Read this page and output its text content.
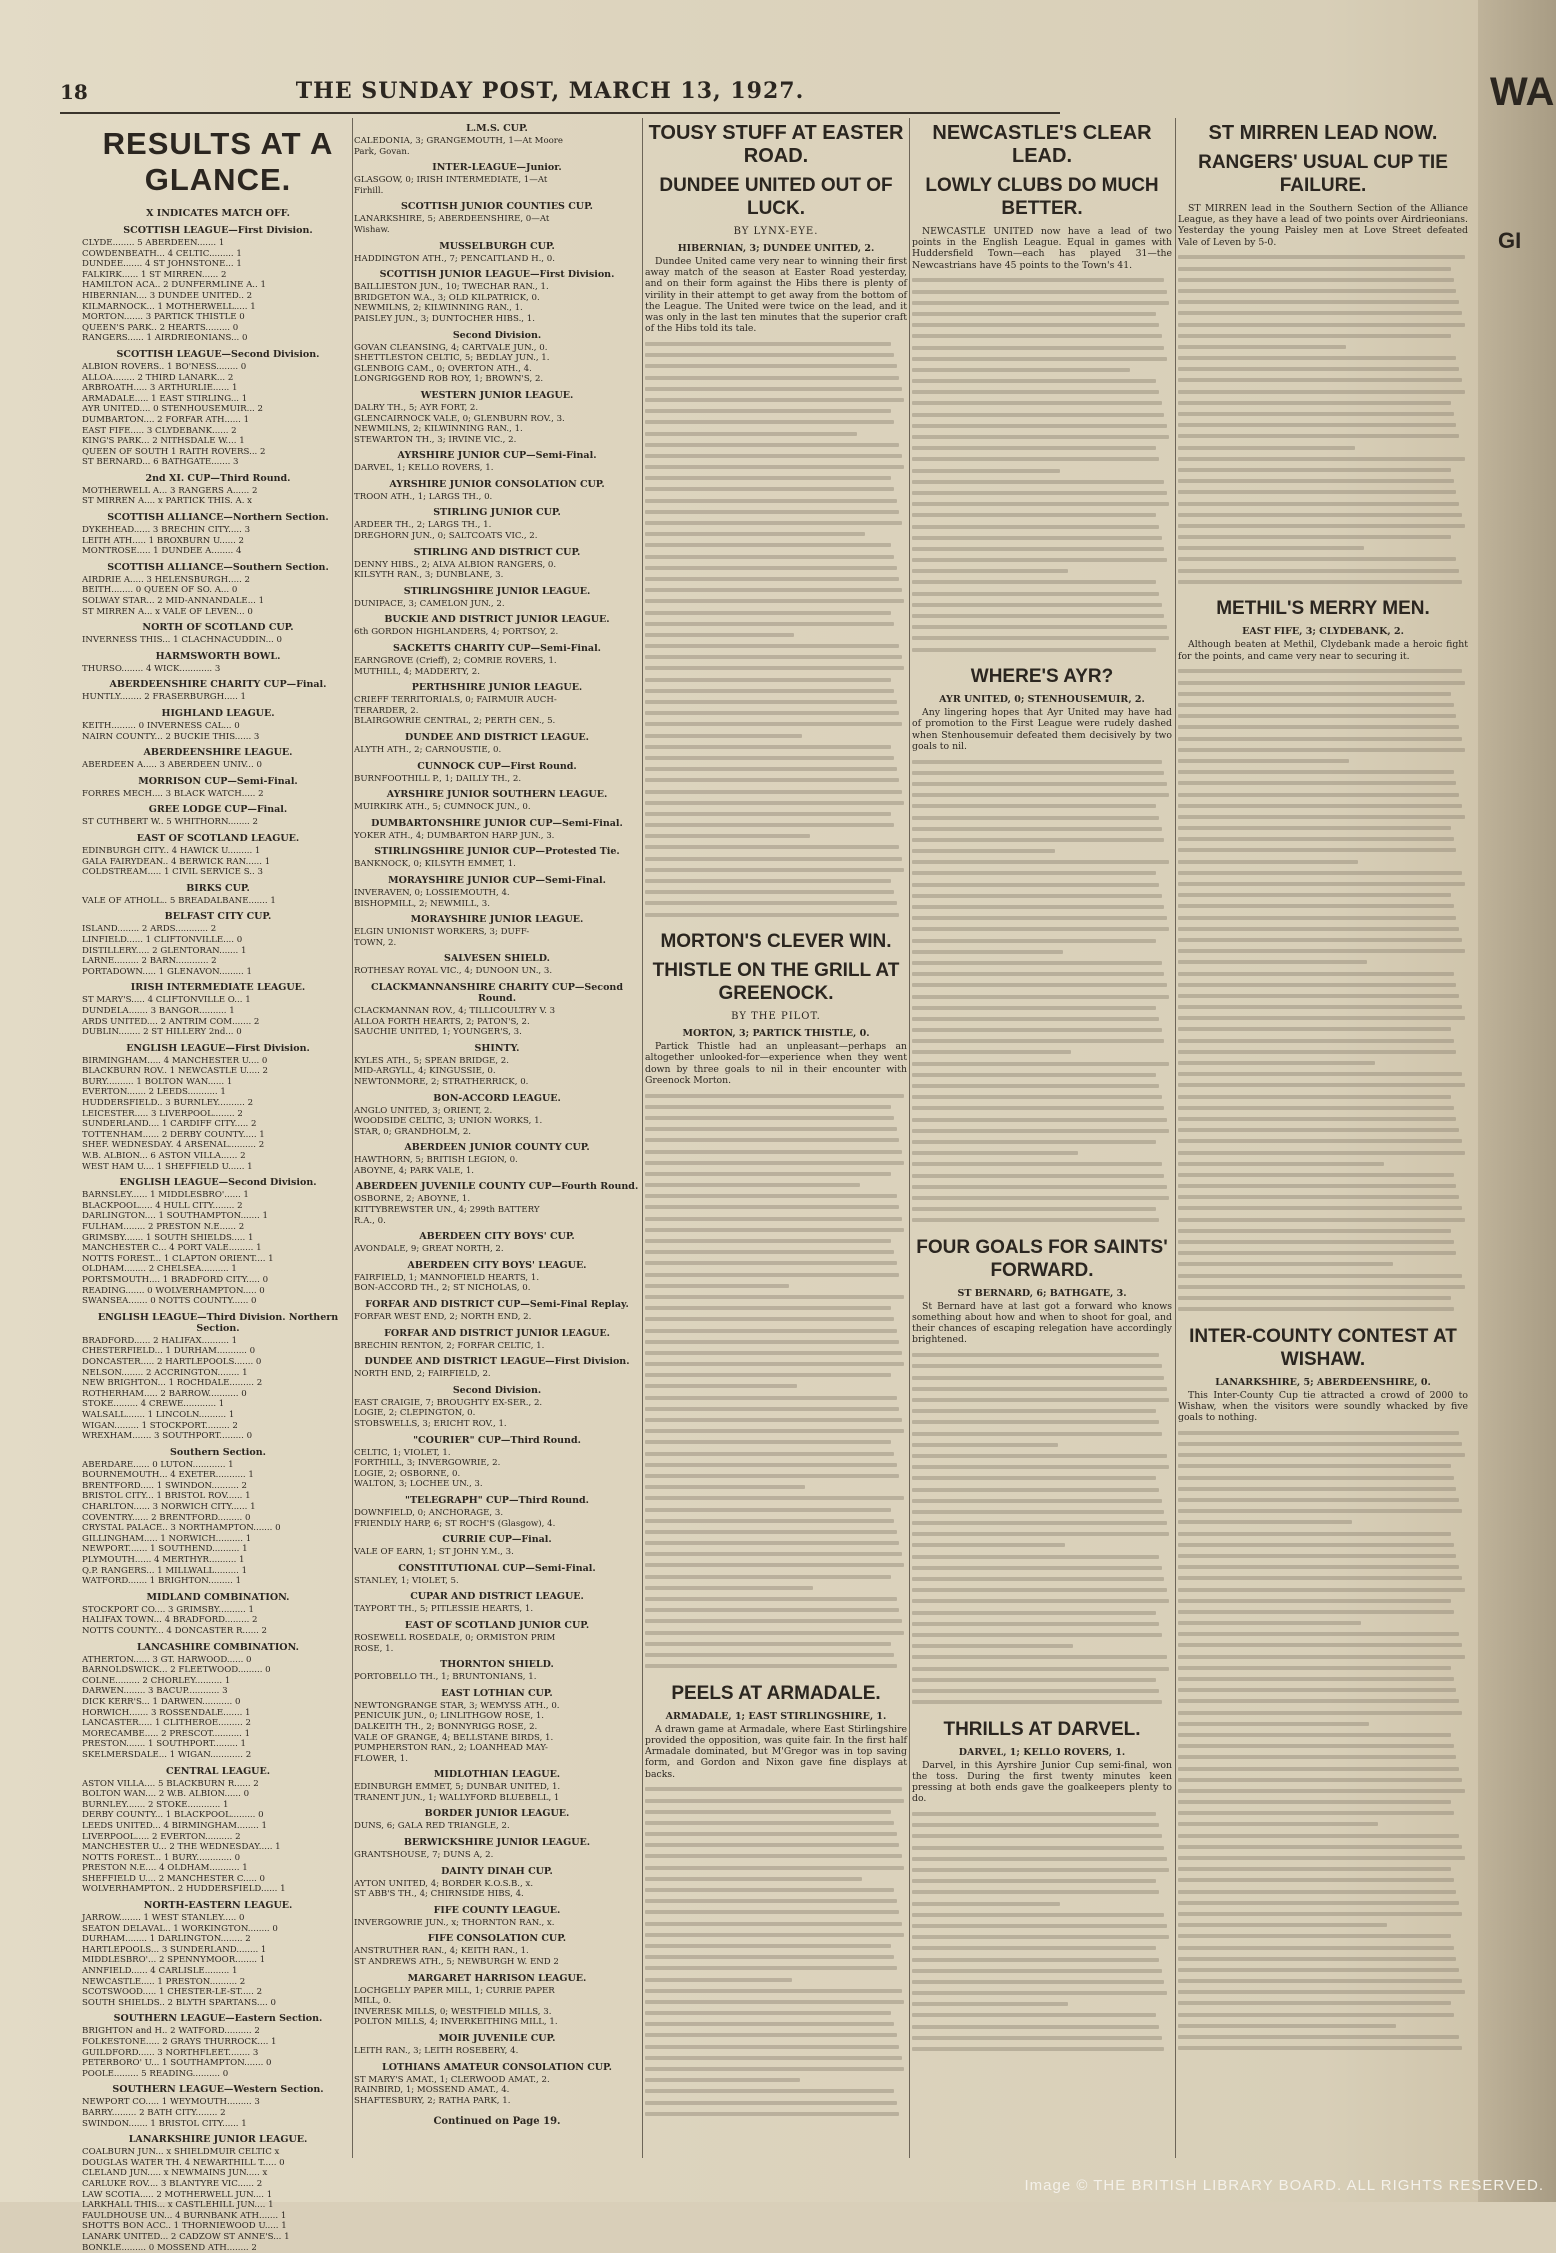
18	THE SUNDAY POST, MARCH 13, 1927.
RESULTS AT A GLANCE.
X INDICATES MATCH OFF.
SCOTTISH LEAGUE—First Division.
CLYDE........ 5 ABERDEEN....... 1
COWDENBEATH... 4 CELTIC......... 1
DUNDEE....... 4 ST JOHNSTONE... 1
FALKIRK...... 1 ST MIRREN...... 2
HAMILTON ACA.. 2 DUNFERMLINE A.. 1
HIBERNIAN.... 3 DUNDEE UNITED.. 2
KILMARNOCK... 1 MOTHERWELL..... 1
MORTON....... 3 PARTICK THISTLE 0
QUEEN'S PARK.. 2 HEARTS......... 0
RANGERS...... 1 AIRDRIEONIANS... 0
SCOTTISH LEAGUE—Second Division.
ALBION ROVERS.. 1 BO'NESS........ 0
ALLOA........ 2 THIRD LANARK... 2
ARBROATH..... 3 ARTHURLIE...... 1
ARMADALE..... 1 EAST STIRLING... 1
AYR UNITED.... 0 STENHOUSEMUIR... 2
DUMBARTON.... 2 FORFAR ATH...... 1
EAST FIFE..... 3 CLYDEBANK...... 2
KING'S PARK... 2 NITHSDALE W.... 1
QUEEN OF SOUTH 1 RAITH ROVERS... 2
ST BERNARD... 6 BATHGATE....... 3
2nd XI. CUP—Third Round.
MOTHERWELL A... 3 RANGERS A...... 2
ST MIRREN A.... x PARTICK THIS. A. x
SCOTTISH ALLIANCE—Northern Section.
DYKEHEAD...... 3 BRECHIN CITY..... 3
LEITH ATH..... 1 BROXBURN U...... 2
MONTROSE..... 1 DUNDEE A........ 4
SCOTTISH ALLIANCE—Southern Section.
AIRDRIE A..... 3 HELENSBURGH..... 2
BEITH........ 0 QUEEN OF SO. A... 0
SOLWAY STAR... 2 MID-ANNANDALE... 1
ST MIRREN A... x VALE OF LEVEN... 0
NORTH OF SCOTLAND CUP.
INVERNESS THIS... 1 CLACHNACUDDIN... 0
HARMSWORTH BOWL.
THURSO........ 4 WICK............ 3
ABERDEENSHIRE CHARITY CUP—Final.
HUNTLY........ 2 FRASERBURGH..... 1
HIGHLAND LEAGUE.
KEITH......... 0 INVERNESS CAL... 0
NAIRN COUNTY... 2 BUCKIE THIS...... 3
ABERDEENSHIRE LEAGUE.
ABERDEEN A..... 3 ABERDEEN UNIV... 0
MORRISON CUP—Semi-Final.
FORRES MECH.... 3 BLACK WATCH..... 2
GREE LODGE CUP—Final.
ST CUTHBERT W.. 5 WHITHORN........ 2
EAST OF SCOTLAND LEAGUE.
EDINBURGH CITY.. 4 HAWICK U......... 1
GALA FAIRYDEAN.. 4 BERWICK RAN...... 1
COLDSTREAM..... 1 CIVIL SERVICE S.. 3
BIRKS CUP.
VALE OF ATHOLL.. 5 BREADALBANE....... 1
BELFAST CITY CUP.
ISLAND........ 2 ARDS............ 2
LINFIELD...... 1 CLIFTONVILLE.... 0
DISTILLERY..... 2 GLENTORAN....... 1
LARNE......... 2 BARN............ 2
PORTADOWN..... 1 GLENAVON......... 1
IRISH INTERMEDIATE LEAGUE.
ST MARY'S..... 4 CLIFTONVILLE O... 1
DUNDELA....... 3 BANGOR.......... 1
ARDS UNITED.... 2 ANTRIM COM....... 2
DUBLIN........ 2 ST HILLERY 2nd... 0
ENGLISH LEAGUE—First Division.
BIRMINGHAM..... 4 MANCHESTER U.... 0
BLACKBURN ROV.. 1 NEWCASTLE U..... 2
BURY.......... 1 BOLTON WAN...... 1
EVERTON....... 2 LEEDS........... 1
HUDDERSFIELD.. 3 BURNLEY.......... 2
LEICESTER..... 3 LIVERPOOL........ 2
SUNDERLAND.... 1 CARDIFF CITY..... 2
TOTTENHAM...... 2 DERBY COUNTY..... 1
SHEF. WEDNESDAY. 4 ARSENAL.......... 2
W.B. ALBION... 6 ASTON VILLA...... 2
WEST HAM U.... 1 SHEFFIELD U...... 1
ENGLISH LEAGUE—Second Division.
BARNSLEY...... 1 MIDDLESBRO'...... 1
BLACKPOOL..... 4 HULL CITY........ 2
DARLINGTON.... 1 SOUTHAMPTON....... 1
FULHAM........ 2 PRESTON N.E...... 2
GRIMSBY....... 1 SOUTH SHIELDS..... 1
MANCHESTER C... 4 PORT VALE......... 1
NOTTS FOREST... 1 CLAPTON ORIENT.... 1
OLDHAM........ 2 CHELSEA.......... 1
PORTSMOUTH.... 1 BRADFORD CITY..... 0
READING....... 0 WOLVERHAMPTON..... 0
SWANSEA....... 0 NOTTS COUNTY...... 0
ENGLISH LEAGUE—Third Division. Northern Section.
BRADFORD...... 2 HALIFAX.......... 1
CHESTERFIELD... 1 DURHAM........... 0
DONCASTER..... 2 HARTLEPOOLS....... 0
NELSON........ 2 ACCRINGTON........ 1
NEW BRIGHTON... 1 ROCHDALE......... 2
ROTHERHAM..... 2 BARROW........... 0
STOKE......... 4 CREWE............ 1
WALSALL....... 1 LINCOLN.......... 1
WIGAN......... 1 STOCKPORT......... 2
WREXHAM....... 3 SOUTHPORT......... 0
Southern Section.
ABERDARE...... 0 LUTON............ 1
BOURNEMOUTH... 4 EXETER........... 1
BRENTFORD..... 1 SWINDON.......... 2
BRISTOL CITY... 1 BRISTOL ROV...... 1
CHARLTON...... 3 NORWICH CITY...... 1
COVENTRY...... 2 BRENTFORD......... 0
CRYSTAL PALACE.. 3 NORTHAMPTON....... 0
GILLINGHAM..... 1 NORWICH.......... 1
NEWPORT....... 1 SOUTHEND.......... 1
PLYMOUTH...... 4 MERTHYR.......... 1
Q.P. RANGERS... 1 MILLWALL......... 1
WATFORD....... 1 BRIGHTON......... 1
MIDLAND COMBINATION.
STOCKPORT CO.... 3 GRIMSBY.......... 1
HALIFAX TOWN... 4 BRADFORD......... 2
NOTTS COUNTY... 4 DONCASTER R...... 2
LANCASHIRE COMBINATION.
ATHERTON...... 3 GT. HARWOOD...... 0
BARNOLDSWICK... 2 FLEETWOOD......... 0
COLNE......... 2 CHORLEY.......... 1
DARWEN........ 3 BACUP............ 3
DICK KERR'S... 1 DARWEN........... 0
HORWICH....... 3 ROSSENDALE....... 1
LANCASTER..... 1 CLITHEROE......... 2
MORECAMBE..... 2 PRESCOT........... 1
PRESTON....... 1 SOUTHPORT......... 1
SKELMERSDALE... 1 WIGAN............ 2
CENTRAL LEAGUE.
ASTON VILLA.... 5 BLACKBURN R...... 2
BOLTON WAN.... 2 W.B. ALBION...... 0
BURNLEY....... 2 STOKE............ 1
DERBY COUNTY... 1 BLACKPOOL......... 0
LEEDS UNITED... 4 BIRMINGHAM........ 1
LIVERPOOL..... 2 EVERTON.......... 2
MANCHESTER U... 2 THE WEDNESDAY..... 1
NOTTS FOREST... 1 BURY............. 0
PRESTON N.E.... 4 OLDHAM........... 1
SHEFFIELD U.... 2 MANCHESTER C..... 0
WOLVERHAMPTON.. 2 HUDDERSFIELD...... 1
NORTH-EASTERN LEAGUE.
JARROW........ 1 WEST STANLEY..... 0
SEATON DELAVAL.. 1 WORKINGTON........ 0
DURHAM........ 1 DARLINGTON........ 2
HARTLEPOOLS... 3 SUNDERLAND........ 1
MIDDLESBRO'... 2 SPENNYMOOR........ 1
ANNFIELD...... 4 CARLISLE......... 1
NEWCASTLE..... 1 PRESTON.......... 2
SCOTSWOOD..... 1 CHESTER-LE-ST..... 2
SOUTH SHIELDS.. 2 BLYTH SPARTANS.... 0
SOUTHERN LEAGUE—Eastern Section.
BRIGHTON and H.. 2 WATFORD.......... 2
FOLKESTONE..... 2 GRAYS THURROCK.... 1
GUILDFORD...... 3 NORTHFLEET........ 3
PETERBORO' U... 1 SOUTHAMPTON....... 0
POOLE......... 5 READING.......... 0
SOUTHERN LEAGUE—Western Section.
NEWPORT CO..... 1 WEYMOUTH......... 3
BARRY......... 2 BATH CITY........ 2
SWINDON....... 1 BRISTOL CITY...... 1
LANARKSHIRE JUNIOR LEAGUE.
COALBURN JUN... x SHIELDMUIR CELTIC x
DOUGLAS WATER TH. 4 NEWARTHILL T..... 0
CLELAND JUN..... x NEWMAINS JUN..... x
CARLUKE ROV.... 3 BLANTYRE VIC...... 2
LAW SCOTIA..... 2 MOTHERWELL JUN.... 1
LARKHALL THIS... x CASTLEHILL JUN.... 1
FAULDHOUSE UN... 4 BURNBANK ATH....... 1
SHOTTS BON ACC.. 1 THORNIEWOOD U..... 1
LANARK UNITED... 2 CADZOW ST ANNE'S... 1
BONKLE......... 0 MOSSEND ATH........ 2
L.M.S. CUP.
CALEDONIA, 3; GRANGEMOUTH, 1—At Moore
Park, Govan.
INTER-LEAGUE—Junior.
GLASGOW, 0; IRISH INTERMEDIATE, 1—At
Firhill.
SCOTTISH JUNIOR COUNTIES CUP.
LANARKSHIRE, 5; ABERDEENSHIRE, 0—At
Wishaw.
MUSSELBURGH CUP.
HADDINGTON ATH., 7; PENCAITLAND H., 0.
SCOTTISH JUNIOR LEAGUE—First Division.
BAILLIESTON JUN., 10; TWECHAR RAN., 1.
BRIDGETON W.A., 3; OLD KILPATRICK, 0.
NEWMILNS, 2; KILWINNING RAN., 1.
PAISLEY JUN., 3; DUNTOCHER HIBS., 1.
Second Division.
GOVAN CLEANSING, 4; CARTVALE JUN., 0.
SHETTLESTON CELTIC, 5; BEDLAY JUN., 1.
GLENBOIG CAM., 0; OVERTON ATH., 4.
LONGRIGGEND ROB ROY, 1; BROWN'S, 2.
WESTERN JUNIOR LEAGUE.
DALRY TH., 5; AYR FORT, 2.
GLENCAIRNOCK VALE, 0; GLENBURN ROV., 3.
NEWMILNS, 2; KILWINNING RAN., 1.
STEWARTON TH., 3; IRVINE VIC., 2.
AYRSHIRE JUNIOR CUP—Semi-Final.
DARVEL, 1; KELLO ROVERS, 1.
AYRSHIRE JUNIOR CONSOLATION CUP.
TROON ATH., 1; LARGS TH., 0.
STIRLING JUNIOR CUP.
ARDEER TH., 2; LARGS TH., 1.
DREGHORN JUN., 0; SALTCOATS VIC., 2.
STIRLING AND DISTRICT CUP.
DENNY HIBS., 2; ALVA ALBION RANGERS, 0.
KILSYTH RAN., 3; DUNBLANE, 3.
STIRLINGSHIRE JUNIOR LEAGUE.
DUNIPACE, 3; CAMELON JUN., 2.
BUCKIE AND DISTRICT JUNIOR LEAGUE.
6th GORDON HIGHLANDERS, 4; PORTSOY, 2.
SACKETTS CHARITY CUP—Semi-Final.
EARNGROVE (Crieff), 2; COMRIE ROVERS, 1.
MUTHILL, 4; MADDERTY, 2.
PERTHSHIRE JUNIOR LEAGUE.
CRIEFF TERRITORIALS, 0; FAIRMUIR AUCH-
TERARDER, 2.
BLAIRGOWRIE CENTRAL, 2; PERTH CEN., 5.
DUNDEE AND DISTRICT LEAGUE.
ALYTH ATH., 2; CARNOUSTIE, 0.
CUNNOCK CUP—First Round.
BURNFOOTHILL P., 1; DAILLY TH., 2.
AYRSHIRE JUNIOR SOUTHERN LEAGUE.
MUIRKIRK ATH., 5; CUMNOCK JUN., 0.
DUMBARTONSHIRE JUNIOR CUP—Semi-Final.
YOKER ATH., 4; DUMBARTON HARP JUN., 3.
STIRLINGSHIRE JUNIOR CUP—Protested Tie.
BANKNOCK, 0; KILSYTH EMMET, 1.
MORAYSHIRE JUNIOR CUP—Semi-Final.
INVERAVEN, 0; LOSSIEMOUTH, 4.
BISHOPMILL, 2; NEWMILL, 3.
MORAYSHIRE JUNIOR LEAGUE.
ELGIN UNIONIST WORKERS, 3; DUFF-
TOWN, 2.
SALVESEN SHIELD.
ROTHESAY ROYAL VIC., 4; DUNOON UN., 3.
CLACKMANNANSHIRE CHARITY CUP—Second Round.
CLACKMANNAN ROV., 4; TILLICOULTRY V. 3
ALLOA FORTH HEARTS, 2; PATON'S, 2.
SAUCHIE UNITED, 1; YOUNGER'S, 3.
SHINTY.
KYLES ATH., 5; SPEAN BRIDGE, 2.
MID-ARGYLL, 4; KINGUSSIE, 0.
NEWTONMORE, 2; STRATHERRICK, 0.
BON-ACCORD LEAGUE.
ANGLO UNITED, 3; ORIENT, 2.
WOODSIDE CELTIC, 3; UNION WORKS, 1.
STAR, 0; GRANDHOLM, 2.
ABERDEEN JUNIOR COUNTY CUP.
HAWTHORN, 5; BRITISH LEGION, 0.
ABOYNE, 4; PARK VALE, 1.
ABERDEEN JUVENILE COUNTY CUP—Fourth Round.
OSBORNE, 2; ABOYNE, 1.
KITTYBREWSTER UN., 4; 299th BATTERY
R.A., 0.
ABERDEEN CITY BOYS' CUP.
AVONDALE, 9; GREAT NORTH, 2.
ABERDEEN CITY BOYS' LEAGUE.
FAIRFIELD, 1; MANNOFIELD HEARTS, 1.
BON-ACCORD TH., 2; ST NICHOLAS, 0.
FORFAR AND DISTRICT CUP—Semi-Final Replay.
FORFAR WEST END, 2; NORTH END, 2.
FORFAR AND DISTRICT JUNIOR LEAGUE.
BRECHIN RENTON, 2; FORFAR CELTIC, 1.
DUNDEE AND DISTRICT LEAGUE—First Division.
NORTH END, 2; FAIRFIELD, 2.
Second Division.
EAST CRAIGIE, 7; BROUGHTY EX-SER., 2.
LOGIE, 2; CLEPINGTON, 0.
STOBSWELLS, 3; ERICHT ROV., 1.
"COURIER" CUP—Third Round.
CELTIC, 1; VIOLET, 1.
FORTHILL, 3; INVERGOWRIE, 2.
LOGIE, 2; OSBORNE, 0.
WALTON, 3; LOCHEE UN., 3.
"TELEGRAPH" CUP—Third Round.
DOWNFIELD, 0; ANCHORAGE, 3.
FRIENDLY HARP, 6; ST ROCH'S (Glasgow), 4.
CURRIE CUP—Final.
VALE OF EARN, 1; ST JOHN Y.M., 3.
CONSTITUTIONAL CUP—Semi-Final.
STANLEY, 1; VIOLET, 5.
CUPAR AND DISTRICT LEAGUE.
TAYPORT TH., 5; PITLESSIE HEARTS, 1.
EAST OF SCOTLAND JUNIOR CUP.
ROSEWELL ROSEDALE, 0; ORMISTON PRIM
ROSE, 1.
THORNTON SHIELD.
PORTOBELLO TH., 1; BRUNTONIANS, 1.
EAST LOTHIAN CUP.
NEWTONGRANGE STAR, 3; WEMYSS ATH., 0.
PENICUIK JUN., 0; LINLITHGOW ROSE, 1.
DALKEITH TH., 2; BONNYRIGG ROSE, 2.
VALE OF GRANGE, 4; BELLSTANE BIRDS, 1.
PUMPHERSTON RAN., 2; LOANHEAD MAY-
FLOWER, 1.
MIDLOTHIAN LEAGUE.
EDINBURGH EMMET, 5; DUNBAR UNITED, 1.
TRANENT JUN., 1; WALLYFORD BLUEBELL, 1
BORDER JUNIOR LEAGUE.
DUNS, 6; GALA RED TRIANGLE, 2.
BERWICKSHIRE JUNIOR LEAGUE.
GRANTSHOUSE, 7; DUNS A, 2.
DAINTY DINAH CUP.
AYTON UNITED, 4; BORDER K.O.S.B., x.
ST ABB'S TH., 4; CHIRNSIDE HIBS, 4.
FIFE COUNTY LEAGUE.
INVERGOWRIE JUN., x; THORNTON RAN., x.
FIFE CONSOLATION CUP.
ANSTRUTHER RAN., 4; KEITH RAN., 1.
ST ANDREWS ATH., 5; NEWBURGH W. END 2
MARGARET HARRISON LEAGUE.
LOCHGELLY PAPER MILL, 1; CURRIE PAPER
MILL, 0.
INVERESK MILLS, 0; WESTFIELD MILLS, 3.
POLTON MILLS, 4; INVERKEITHING MILL, 1.
MOIR JUVENILE CUP.
LEITH RAN., 3; LEITH ROSEBERY, 4.
LOTHIANS AMATEUR CONSOLATION CUP.
ST MARY'S AMAT., 1; CLERWOOD AMAT., 2.
RAINBIRD, 1; MOSSEND AMAT., 4.
SHAFTESBURY, 2; RATHA PARK, 1.
Continued on Page 19.
TOUSY STUFF AT EASTER ROAD.
DUNDEE UNITED OUT OF LUCK.
BY LYNX-EYE.
HIBERNIAN, 3; DUNDEE UNITED, 2.

Dundee United came very near to winning their first away match of the season at Easter Road yesterday, and on their form against the Hibs there is plenty of virility in their attempt to get away from the bottom of the League. The United were twice on the lead, and it was only in the last ten minutes that the superior craft of the Hibs told its tale.

MORTON'S CLEVER WIN.
THISTLE ON THE GRILL AT GREENOCK.
BY THE PILOT.
MORTON, 3; PARTICK THISTLE, 0.

Partick Thistle had an unpleasant—perhaps an altogether unlooked-for—experience when they went down by three goals to nil in their encounter with Greenock Morton.

PEELS AT ARMADALE.
ARMADALE, 1; EAST STIRLINGSHIRE, 1.

A drawn game at Armadale, where East Stirlingshire provided the opposition, was quite fair. In the first half Armadale dominated, but M'Gregor was in top saving form, and Gordon and Nixon gave fine displays at backs.

NEWCASTLE'S CLEAR LEAD.
LOWLY CLUBS DO MUCH BETTER.

NEWCASTLE UNITED now have a lead of two points in the English League. Equal in games with Huddersfield Town—each has played 31—the Newcastrians have 45 points to the Town's 41.

WHERE'S AYR?
AYR UNITED, 0; STENHOUSEMUIR, 2.

Any lingering hopes that Ayr United may have had of promotion to the First League were rudely dashed when Stenhousemuir defeated them decisively by two goals to nil.

FOUR GOALS FOR SAINTS' FORWARD.
ST BERNARD, 6; BATHGATE, 3.

St Bernard have at last got a forward who knows something about how and when to shoot for goal, and their chances of escaping relegation have accordingly brightened.

THRILLS AT DARVEL.
DARVEL, 1; KELLO ROVERS, 1.

Darvel, in this Ayrshire Junior Cup semi-final, won the toss. During the first twenty minutes keen pressing at both ends gave the goalkeepers plenty to do.

ST MIRREN LEAD NOW.
RANGERS' USUAL CUP TIE FAILURE.

ST MIRREN lead in the Southern Section of the Alliance League, as they have a lead of two points over Airdrieonians. Yesterday the young Paisley men at Love Street defeated Vale of Leven by 5-0.

METHIL'S MERRY MEN.
EAST FIFE, 3; CLYDEBANK, 2.

Although beaten at Methil, Clydebank made a heroic fight for the points, and came very near to securing it.

INTER-COUNTY CONTEST AT WISHAW.
LANARKSHIRE, 5; ABERDEENSHIRE, 0.

This Inter-County Cup tie attracted a crowd of 2000 to Wishaw, when the visitors were soundly whacked by five goals to nothing.

WA
GI
Image © THE BRITISH LIBRARY BOARD. ALL RIGHTS RESERVED.
